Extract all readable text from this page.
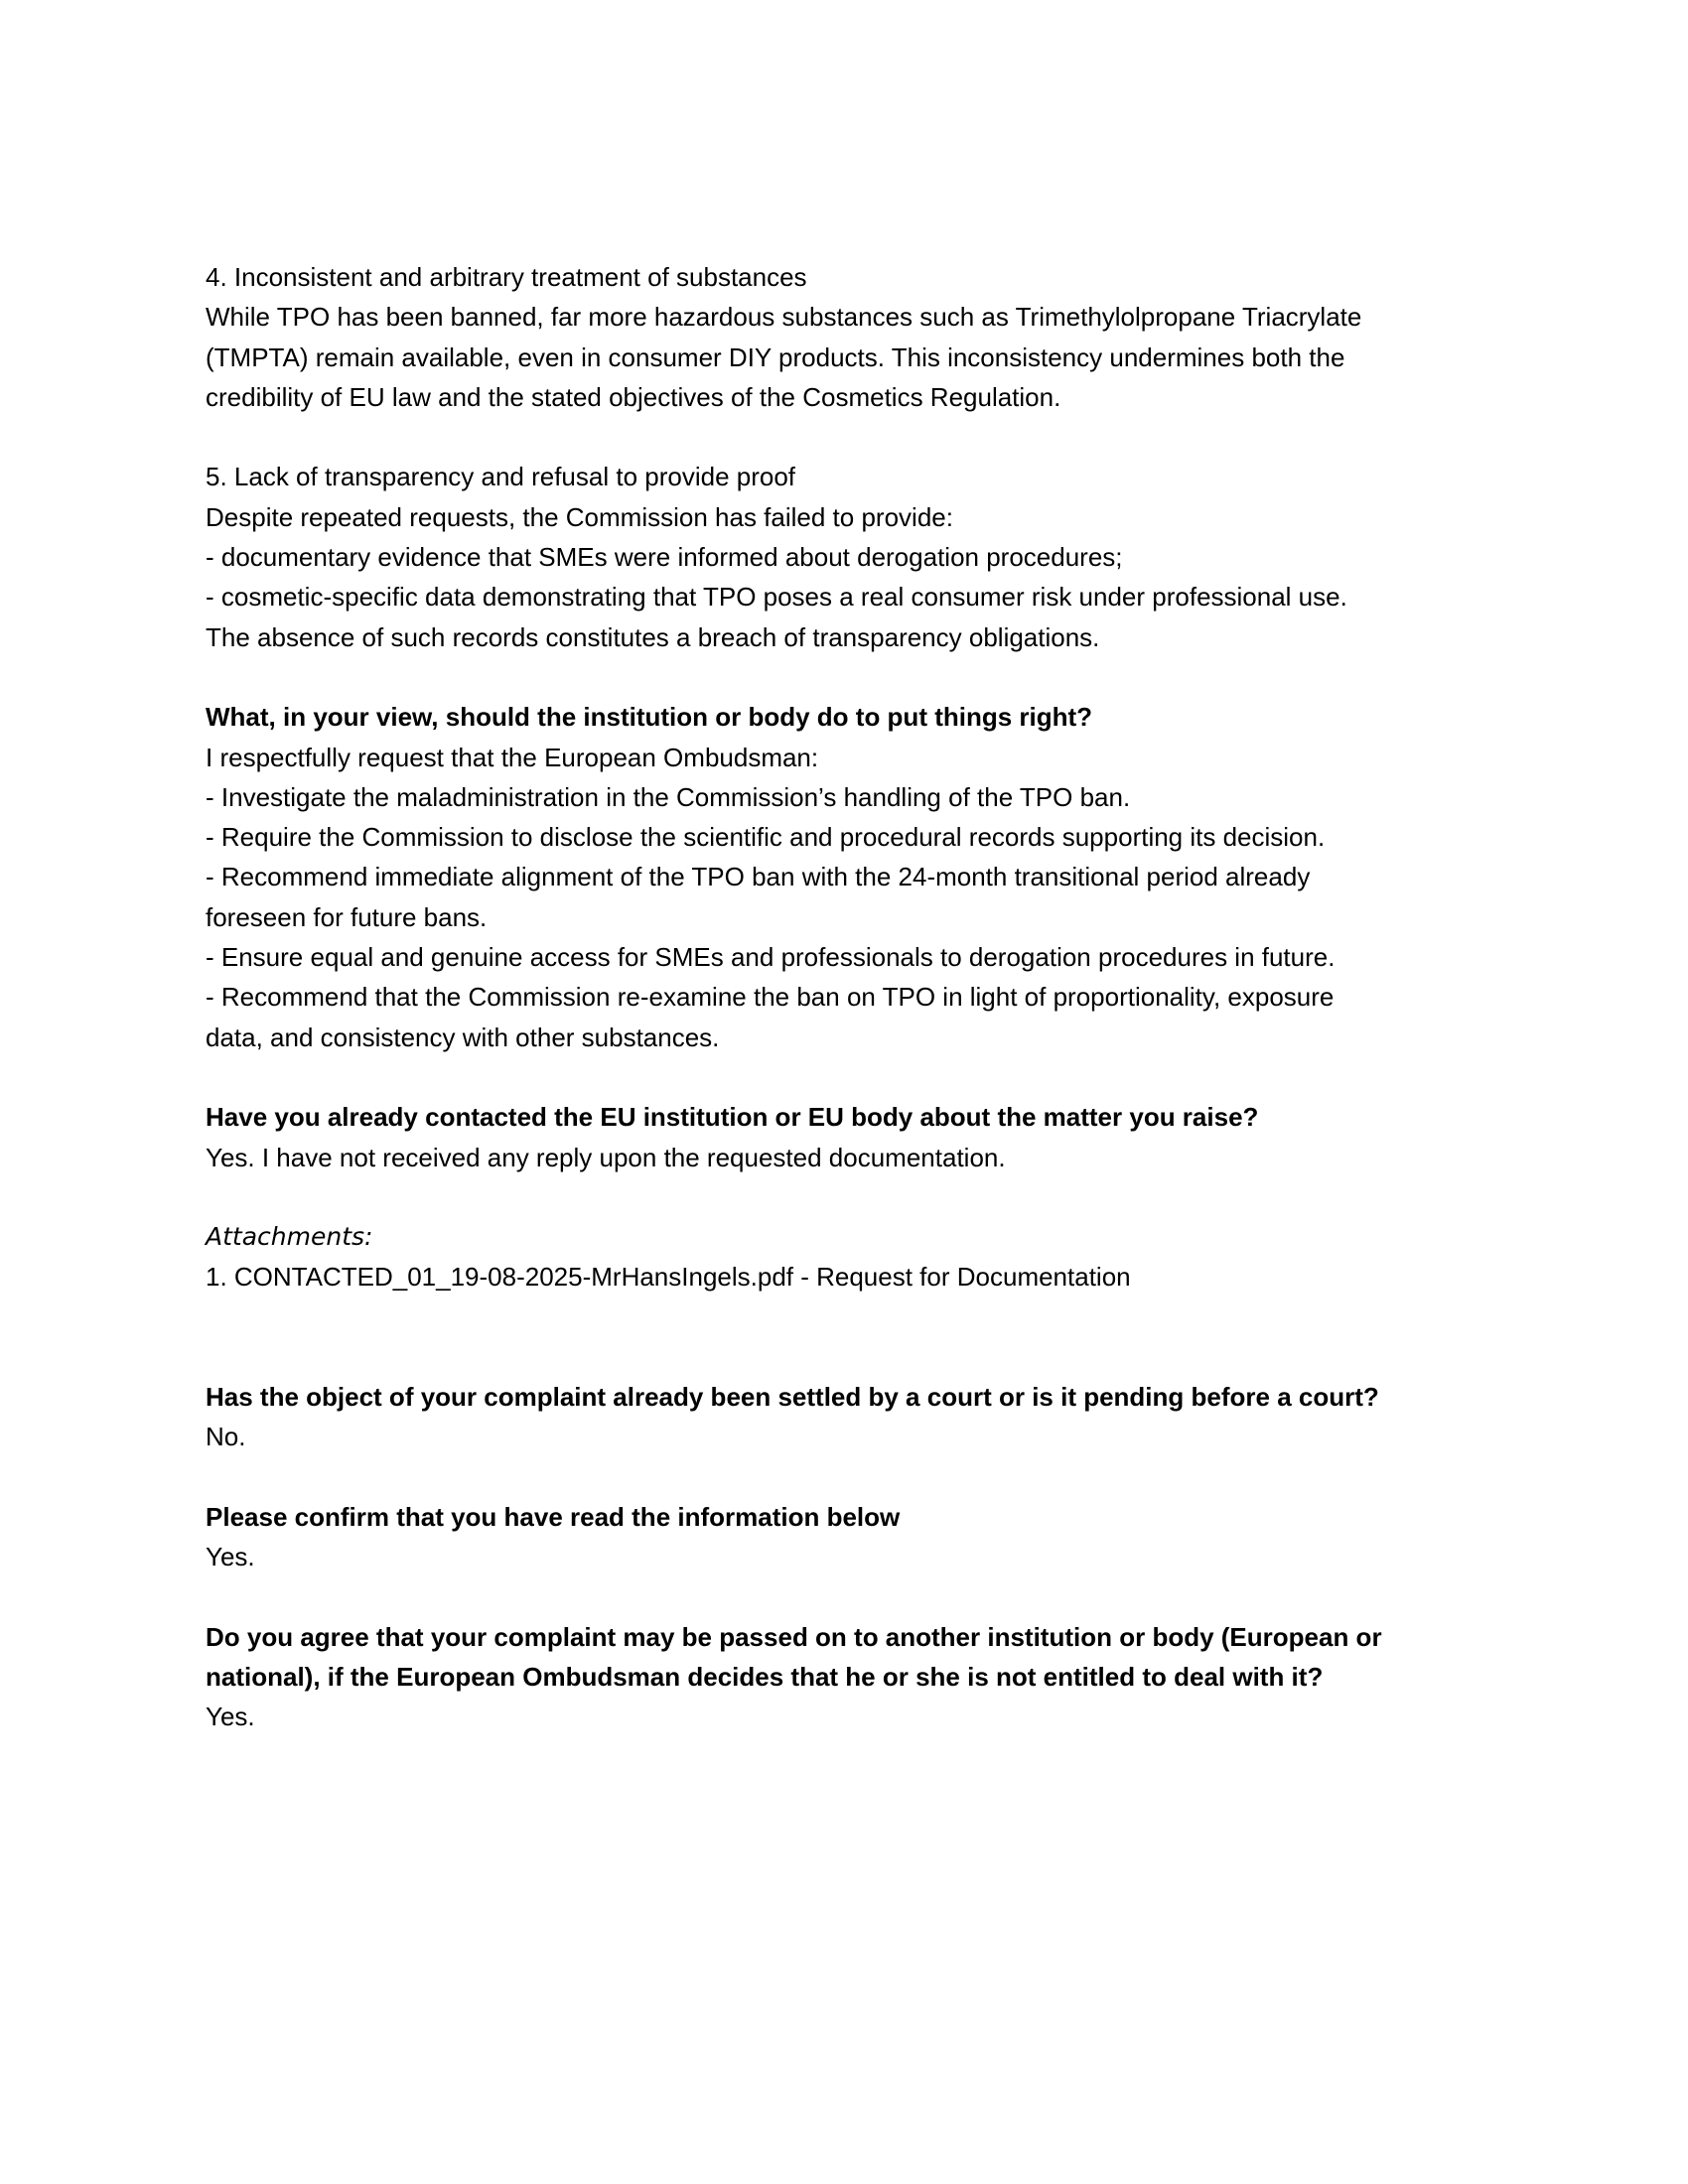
4. Inconsistent and arbitrary treatment of substances
While TPO has been banned, far more hazardous substances such as Trimethylolpropane Triacrylate
(TMPTA) remain available, even in consumer DIY products. This inconsistency undermines both the
credibility of EU law and the stated objectives of the Cosmetics Regulation.
5. Lack of transparency and refusal to provide proof
Despite repeated requests, the Commission has failed to provide:
- documentary evidence that SMEs were informed about derogation procedures;
- cosmetic-specific data demonstrating that TPO poses a real consumer risk under professional use.
The absence of such records constitutes a breach of transparency obligations.
What, in your view, should the institution or body do to put things right?
I respectfully request that the European Ombudsman:
- Investigate the maladministration in the Commission’s handling of the TPO ban.
- Require the Commission to disclose the scientific and procedural records supporting its decision.
- Recommend immediate alignment of the TPO ban with the 24-month transitional period already
foreseen for future bans.
- Ensure equal and genuine access for SMEs and professionals to derogation procedures in future.
- Recommend that the Commission re-examine the ban on TPO in light of proportionality, exposure
data, and consistency with other substances.
Have you already contacted the EU institution or EU body about the matter you raise?
Yes. I have not received any reply upon the requested documentation.
Attachments:
1. CONTACTED_01_19-08-2025-MrHansIngels.pdf - Request for Documentation
Has the object of your complaint already been settled by a court or is it pending before a court?
No.
Please confirm that you have read the information below
Yes.
Do you agree that your complaint may be passed on to another institution or body (European or
national), if the European Ombudsman decides that he or she is not entitled to deal with it?
Yes.
